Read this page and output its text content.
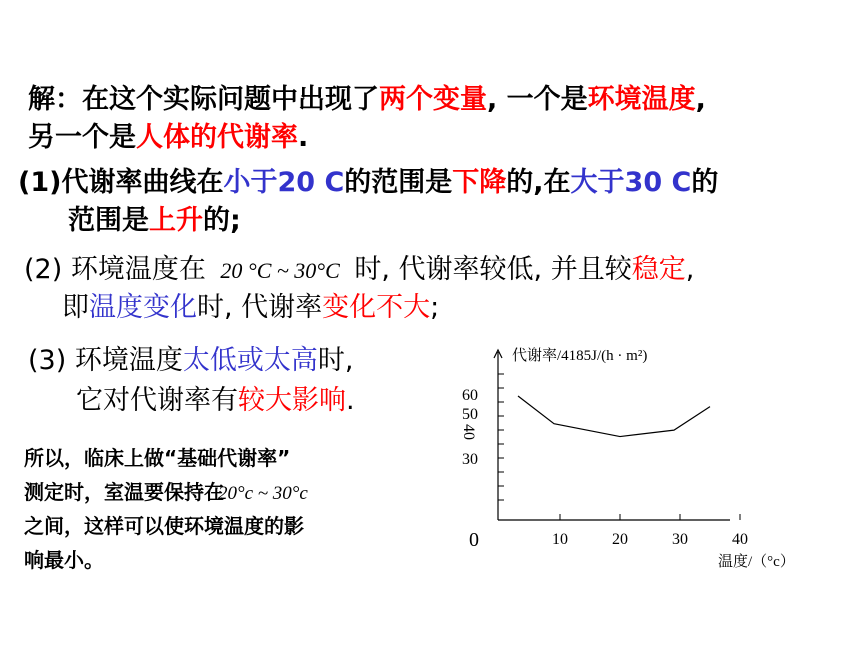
解：在这个实际问题中出现了两个变量, 一个是环境温度,
另一个是人体的代谢率.
(1)代谢率曲线在小于20 C的范围是下降的,在大于30 C的
范围是上升的;
(2) 环境温度在 20 °C ~ 30°C 时, 代谢率较低, 并且较稳定,
即温度变化时, 代谢率变化不大;
(3) 环境温度太低或太高时,
它对代谢率有较大影响.
所以，临床上做“基础代谢率”
测定时，室温要保持在20°c ~ 30°c
之间，这样可以使环境温度的影
响最小。
60
50
40
30
10	20	30	40
0
代谢率/4185J/(h · m²)
温度/（°c）
